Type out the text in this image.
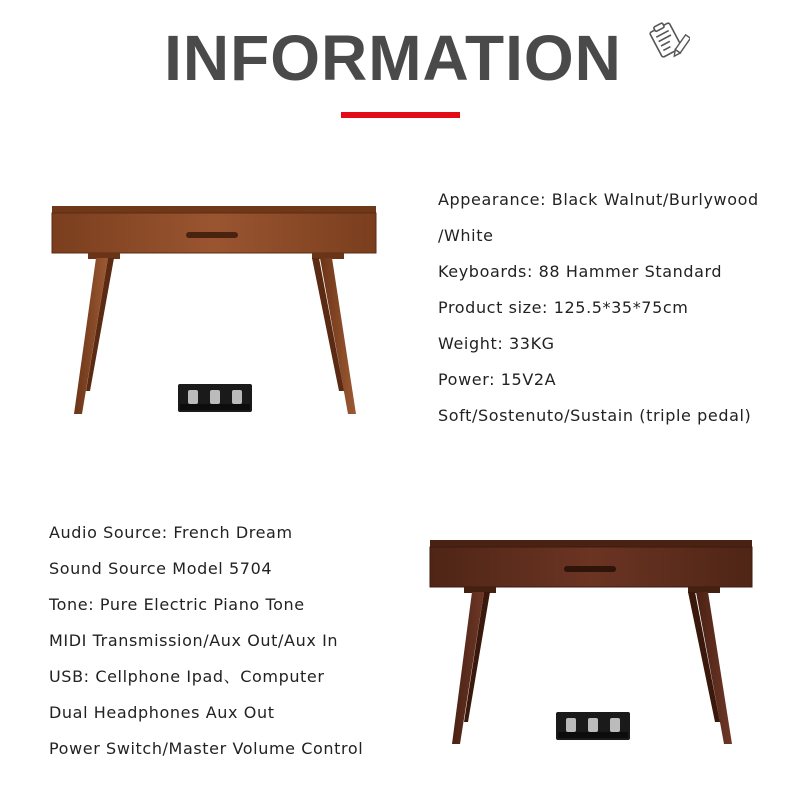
INFORMATION
Appearance: Black Walnut/Burlywood
/White
Keyboards: 88 Hammer Standard
Product size: 125.5*35*75cm
Weight: 33KG
Power: 15V2A
Soft/Sostenuto/Sustain (triple pedal)
Audio Source: French Dream
Sound Source Model 5704
Tone: Pure Electric Piano Tone
MIDI Transmission/Aux Out/Aux In
USB: Cellphone Ipad、Computer
Dual Headphones Aux Out
Power Switch/Master Volume Control
